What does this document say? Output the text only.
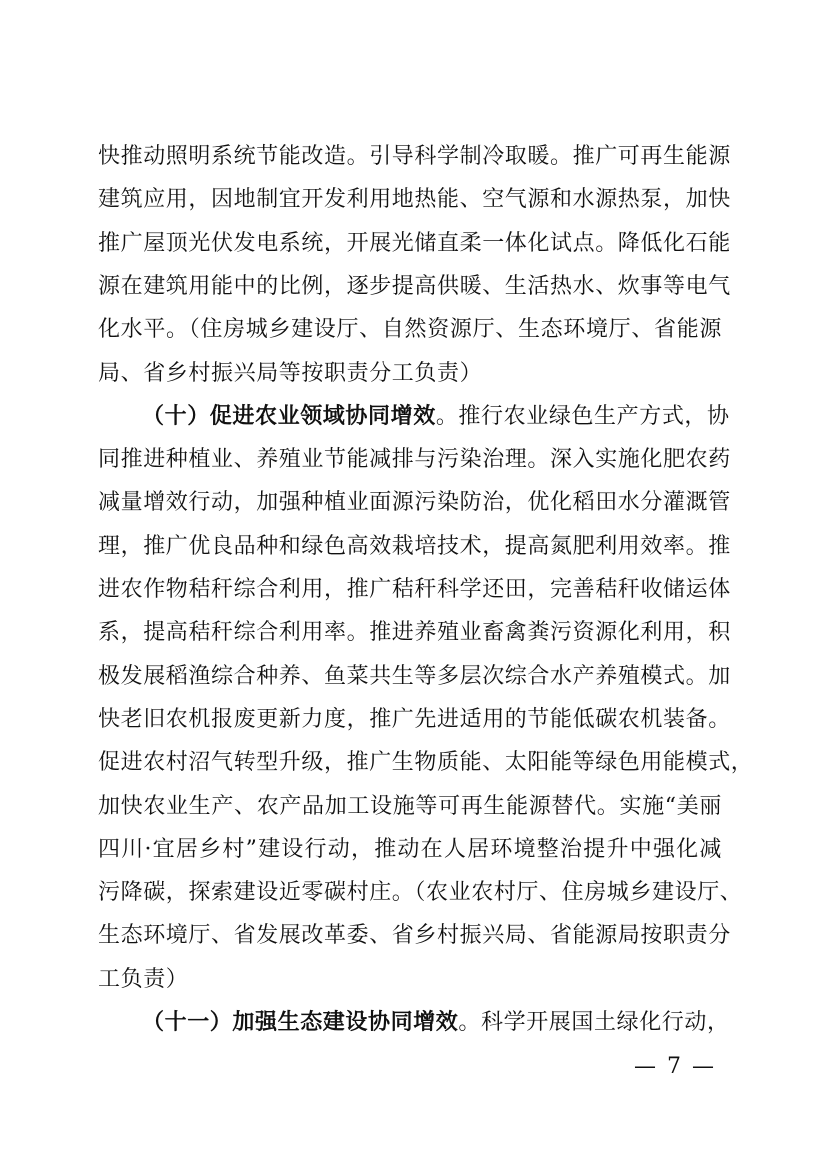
快推动照明系统节能改造。引导科学制冷取暖。推广可再生能源
建筑应用，因地制宜开发利用地热能、空气源和水源热泵，加快
推广屋顶光伏发电系统，开展光储直柔一体化试点。降低化石能
源在建筑用能中的比例，逐步提高供暖、生活热水、炊事等电气
化水平。（住房城乡建设厅、自然资源厅、生态环境厅、省能源
局、省乡村振兴局等按职责分工负责）
（十）促进农业领域协同增效。推行农业绿色生产方式，协
同推进种植业、养殖业节能减排与污染治理。深入实施化肥农药
减量增效行动，加强种植业面源污染防治，优化稻田水分灌溉管
理，推广优良品种和绿色高效栽培技术，提高氮肥利用效率。推
进农作物秸秆综合利用，推广秸秆科学还田，完善秸秆收储运体
系，提高秸秆综合利用率。推进养殖业畜禽粪污资源化利用，积
极发展稻渔综合种养、鱼菜共生等多层次综合水产养殖模式。加
快老旧农机报废更新力度，推广先进适用的节能低碳农机装备。
促进农村沼气转型升级，推广生物质能、太阳能等绿色用能模式，
加快农业生产、农产品加工设施等可再生能源替代。实施“美丽
四川·宜居乡村”建设行动，推动在人居环境整治提升中强化减
污降碳，探索建设近零碳村庄。（农业农村厅、住房城乡建设厅、
生态环境厅、省发展改革委、省乡村振兴局、省能源局按职责分
工负责）
（十一）加强生态建设协同增效。科学开展国土绿化行动，
— 7 —
